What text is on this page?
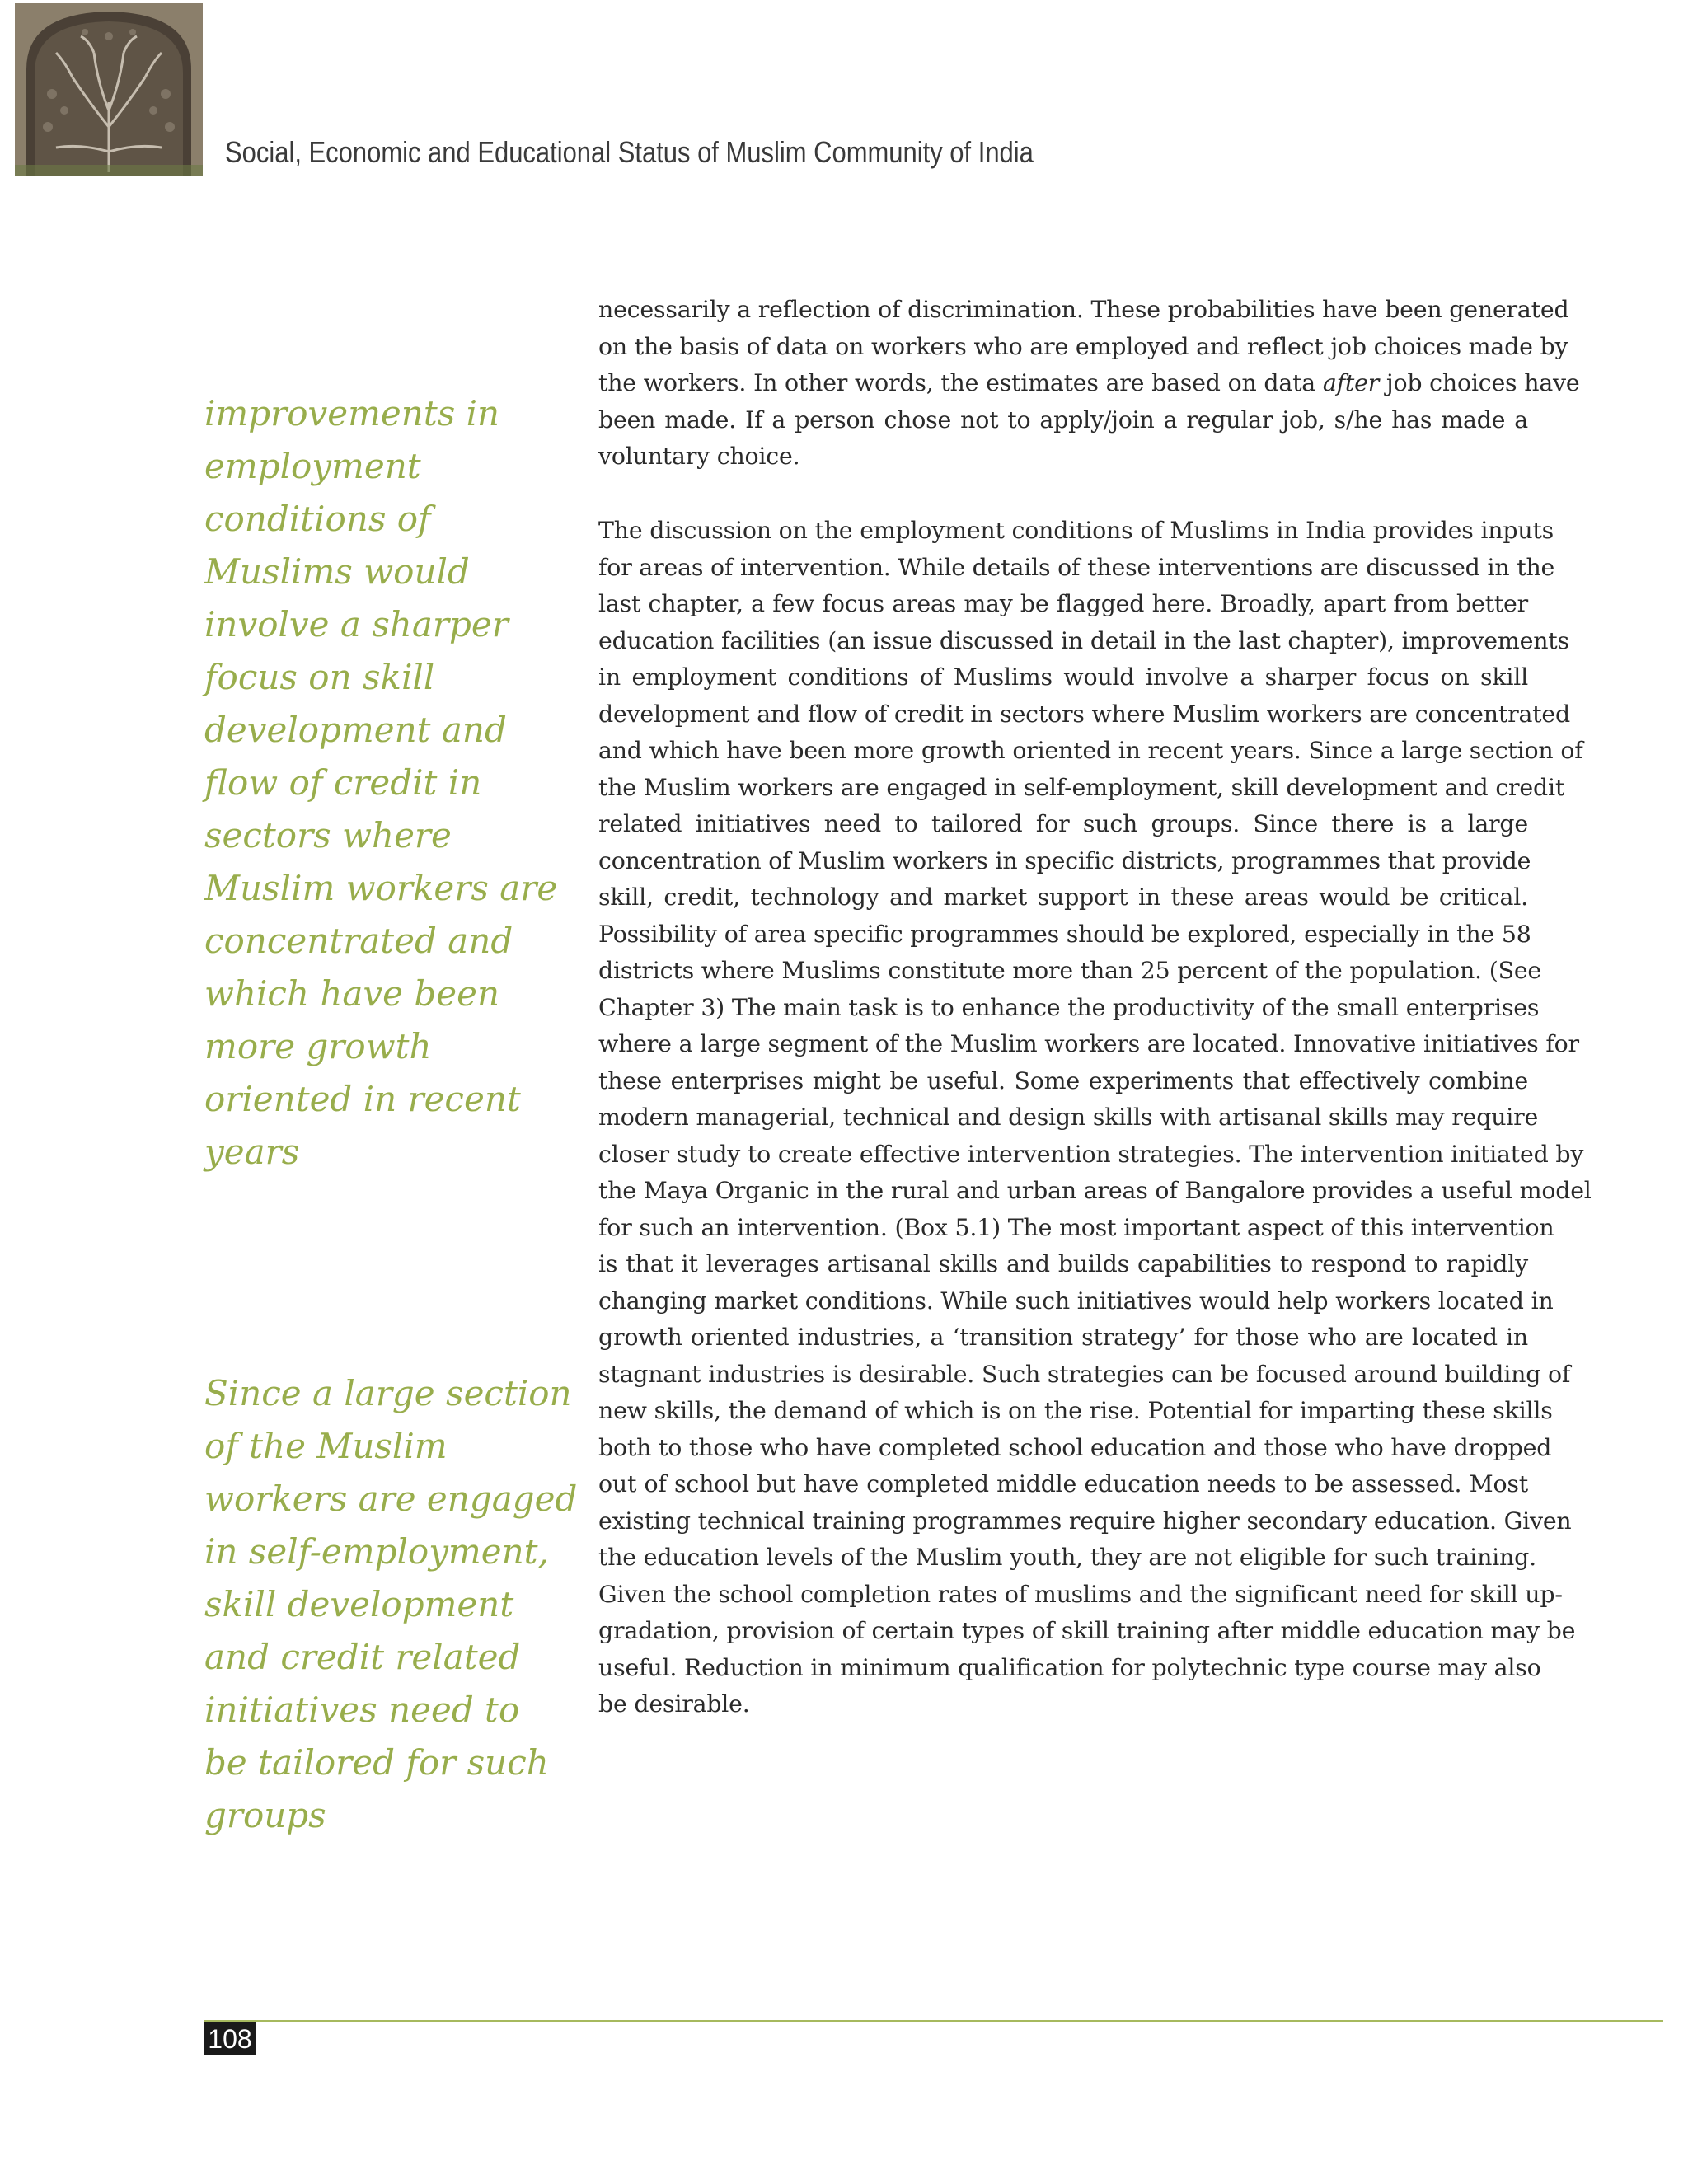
Social, Economic and Educational Status of Muslim Community of India
improvements in
employment
conditions of
Muslims would
involve a sharper
focus on skill
development and
flow of credit in
sectors where
Muslim workers are
concentrated and
which have been
more growth
oriented in recent
years
Since a large section
of the Muslim
workers are engaged
in self-employment,
skill development
and credit related
initiatives need to
be tailored for such
groups
necessarily a reflection of discrimination. These probabilities have been generated
on the basis of data on workers who are employed and reflect job choices made by
the workers. In other words, the estimates are based on data after job choices have
been made. If a person chose not to apply/join a regular job, s/he has made a
voluntary choice.
The discussion on the employment conditions of Muslims in India provides inputs
for areas of intervention. While details of these interventions are discussed in the
last chapter, a few focus areas may be flagged here. Broadly, apart from better
education facilities (an issue discussed in detail in the last chapter), improvements
in employment conditions of Muslims would involve a sharper focus on skill
development and flow of credit in sectors where Muslim workers are concentrated
and which have been more growth oriented in recent years. Since a large section of
the Muslim workers are engaged in self-employment, skill development and credit
related initiatives need to tailored for such groups. Since there is a large
concentration of Muslim workers in specific districts, programmes that provide
skill, credit, technology and market support in these areas would be critical.
Possibility of area specific programmes should be explored, especially in the 58
districts where Muslims constitute more than 25 percent of the population. (See
Chapter 3) The main task is to enhance the productivity of the small enterprises
where a large segment of the Muslim workers are located. Innovative initiatives for
these enterprises might be useful. Some experiments that effectively combine
modern managerial, technical and design skills with artisanal skills may require
closer study to create effective intervention strategies. The intervention initiated by
the Maya Organic in the rural and urban areas of Bangalore provides a useful model
for such an intervention. (Box 5.1) The most important aspect of this intervention
is that it leverages artisanal skills and builds capabilities to respond to rapidly
changing market conditions. While such initiatives would help workers located in
growth oriented industries, a ‘transition strategy’ for those who are located in
stagnant industries is desirable. Such strategies can be focused around building of
new skills, the demand of which is on the rise. Potential for imparting these skills
both to those who have completed school education and those who have dropped
out of school but have completed middle education needs to be assessed. Most
existing technical training programmes require higher secondary education. Given
the education levels of the Muslim youth, they are not eligible for such training.
Given the school completion rates of muslims and the significant need for skill up-
gradation, provision of certain types of skill training after middle education may be
useful. Reduction in minimum qualification for polytechnic type course may also
be desirable.
108
